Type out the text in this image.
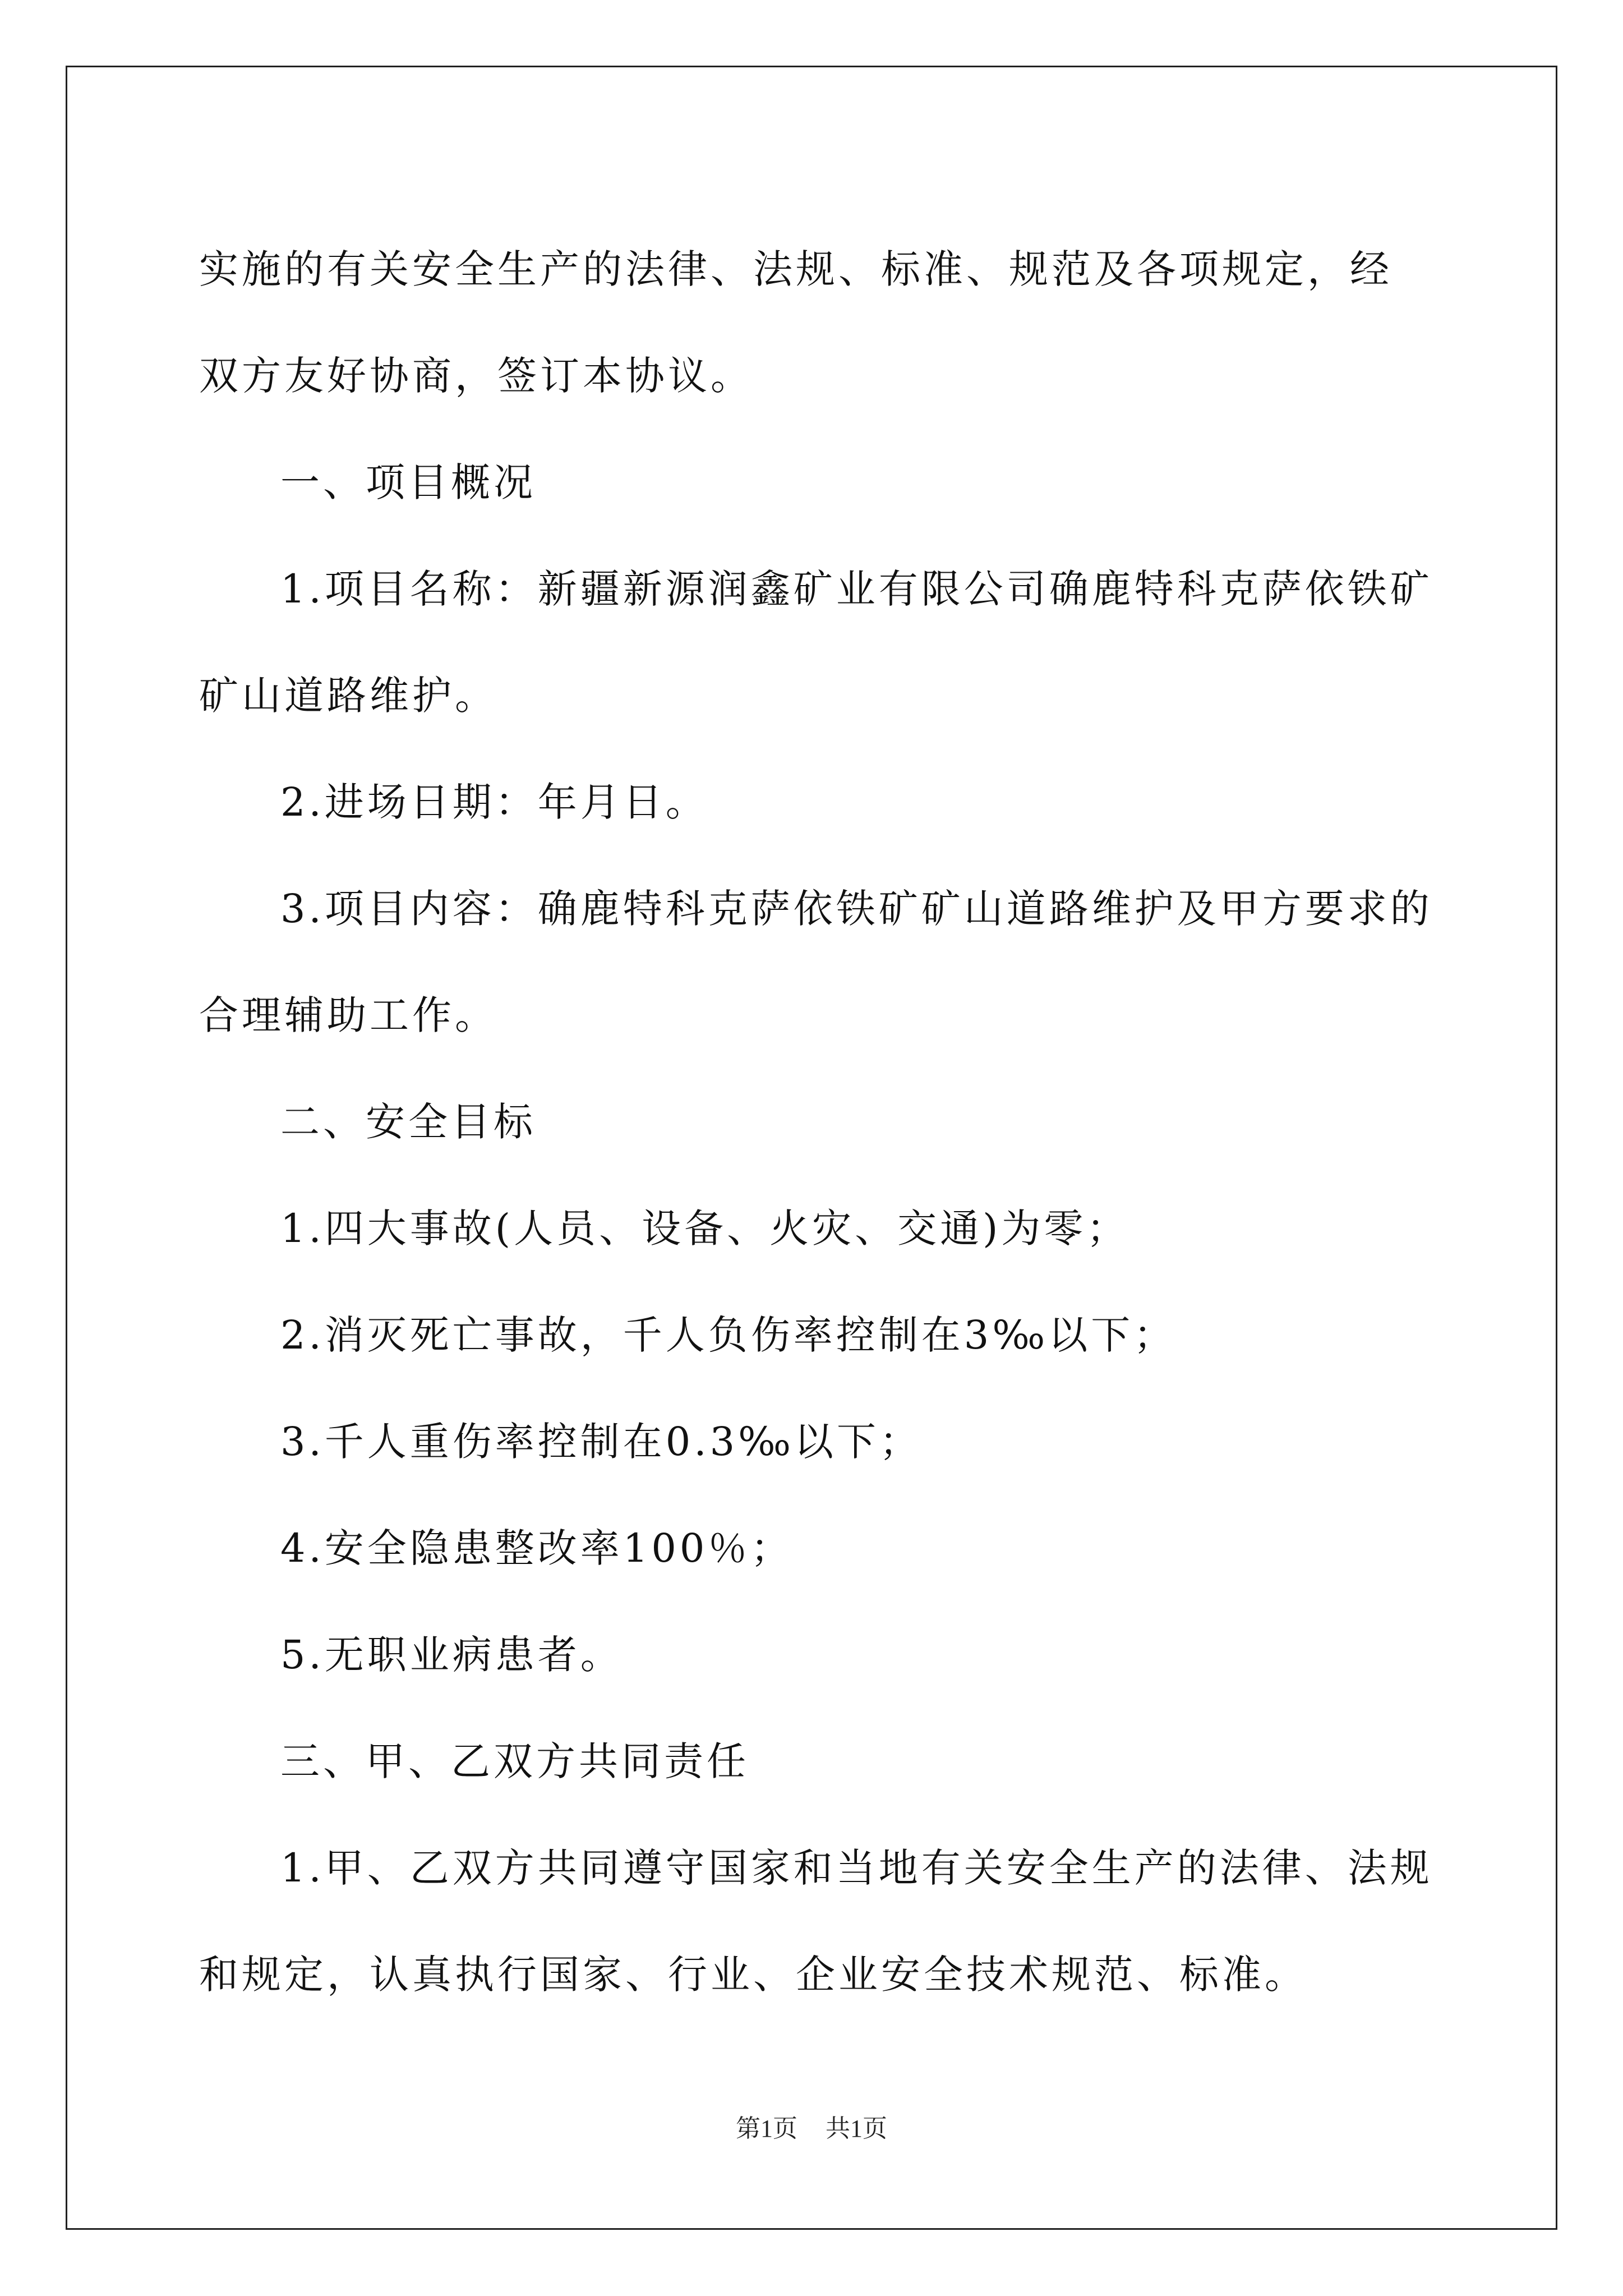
实施的有关安全生产的法律、法规、标准、规范及各项规定，经双方友好协商，签订本协议。

一、项目概况

1.项目名称：新疆新源润鑫矿业有限公司确鹿特科克萨依铁矿矿山道路维护。

2.进场日期：年月日。

3.项目内容：确鹿特科克萨依铁矿矿山道路维护及甲方要求的合理辅助工作。

二、安全目标

1.四大事故(人员、设备、火灾、交通)为零；

2.消灭死亡事故，千人负伤率控制在3‰以下；

3.千人重伤率控制在0.3‰以下；

4.安全隐患整改率100％；

5.无职业病患者。

三、甲、乙双方共同责任

1.甲、乙双方共同遵守国家和当地有关安全生产的法律、法规和规定，认真执行国家、行业、企业安全技术规范、标准。

第1页 共1页
